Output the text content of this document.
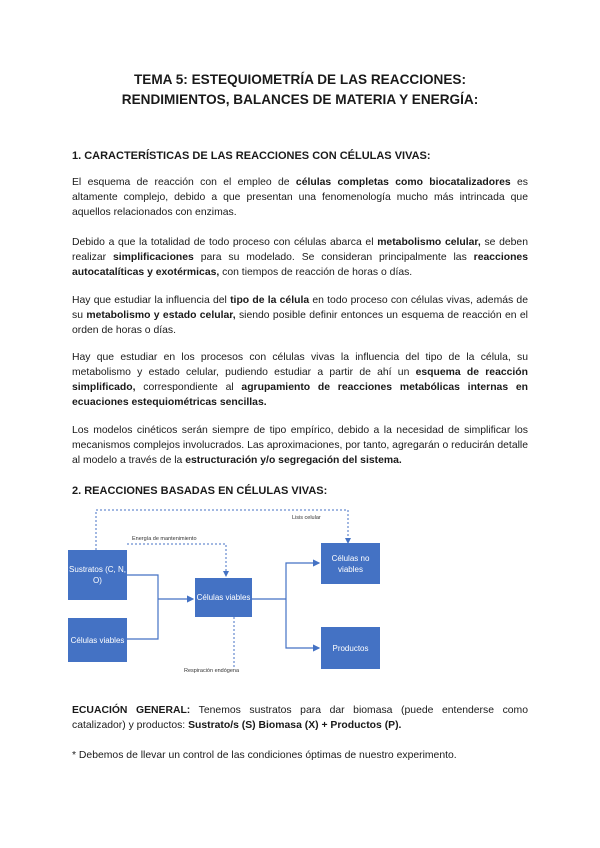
TEMA 5: ESTEQUIOMETRÍA DE LAS REACCIONES:
RENDIMIENTOS, BALANCES DE MATERIA Y ENERGÍA:
1. CARACTERÍSTICAS DE LAS REACCIONES CON CÉLULAS VIVAS:
El esquema de reacción con el empleo de células completas como biocatalizadores es altamente complejo, debido a que presentan una fenomenología mucho más intrincada que aquellos relacionados con enzimas.
Debido a que la totalidad de todo proceso con células abarca el metabolismo celular, se deben realizar simplificaciones para su modelado. Se consideran principalmente las reacciones autocatalíticas y exotérmicas, con tiempos de reacción de horas o días.
Hay que estudiar la influencia del tipo de la célula en todo proceso con células vivas, además de su metabolismo y estado celular, siendo posible definir entonces un esquema de reacción en el orden de horas o días.
Hay que estudiar en los procesos con células vivas la influencia del tipo de la célula, su metabolismo y estado celular, pudiendo estudiar a partir de ahí un esquema de reacción simplificado, correspondiente al agrupamiento de reacciones metabólicas internas en ecuaciones estequiométricas sencillas.
Los modelos cinéticos serán siempre de tipo empírico, debido a la necesidad de simplificar los mecanismos complejos involucrados. Las aproximaciones, por tanto, agregarán o reducirán detalle al modelo a través de la estructuración y/o segregación del sistema.
2. REACCIONES BASADAS EN CÉLULAS VIVAS:
Sustratos (C, N, O)
Células viables
Células viables
Células no viables
Productos
Lisis celular
Energía de mantenimiento
Respiración endógena
ECUACIÓN GENERAL: Tenemos sustratos para dar biomasa (puede entenderse como catalizador) y productos: Sustrato/s (S) Biomasa (X) + Productos (P).
* Debemos de llevar un control de las condiciones óptimas de nuestro experimento.
